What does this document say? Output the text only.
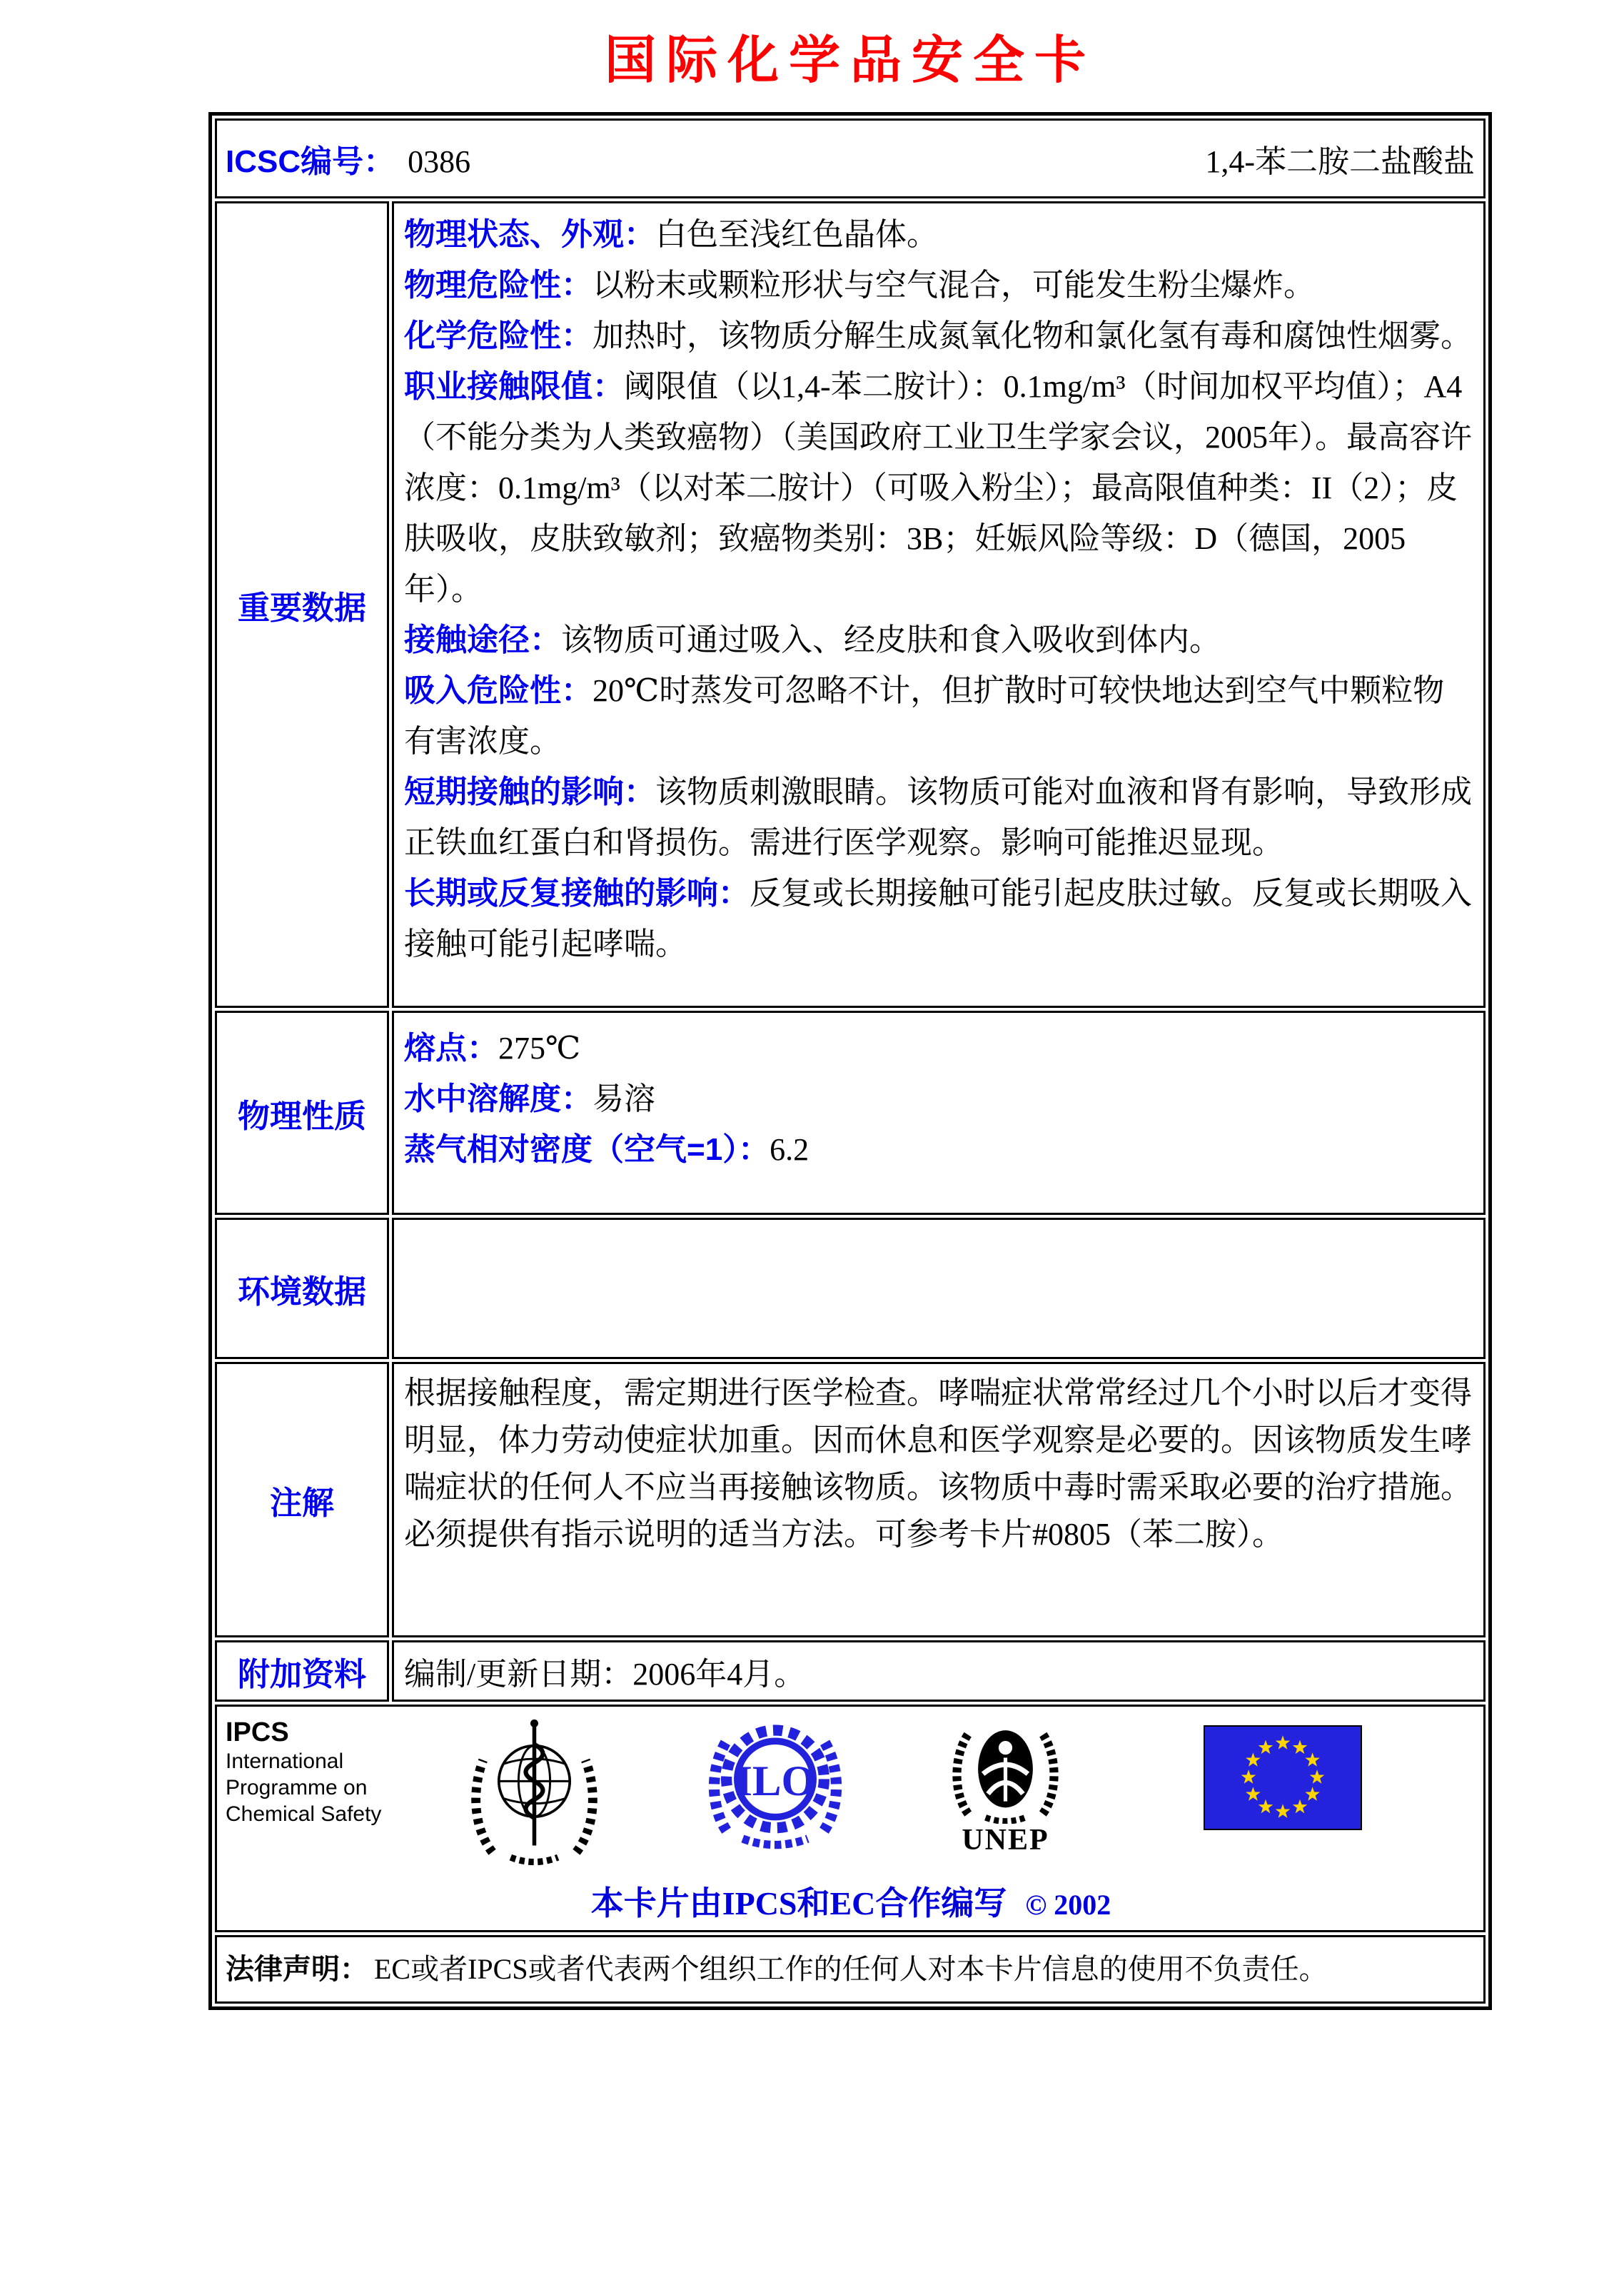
国际化学品安全卡
ICSC编号： 0386	1,4-苯二胺二盐酸盐
重要数据

物理状态、外观：白色至浅红色晶体。

物理危险性：以粉末或颗粒形状与空气混合，可能发生粉尘爆炸。

化学危险性：加热时，该物质分解生成氮氧化物和氯化氢有毒和腐蚀性烟雾。

职业接触限值：阈限值（以1,4-苯二胺计）：0.1mg/m³（时间加权平均值）；A4（不能分类为人类致癌物）（美国政府工业卫生学家会议，2005年）。最高容许浓度：0.1mg/m³（以对苯二胺计）（可吸入粉尘）；最高限值种类：II（2）；皮肤吸收，皮肤致敏剂；致癌物类别：3B；妊娠风险等级：D（德国，2005年）。

接触途径：该物质可通过吸入、经皮肤和食入吸收到体内。

吸入危险性：20℃时蒸发可忽略不计，但扩散时可较快地达到空气中颗粒物有害浓度。

短期接触的影响：该物质刺激眼睛。该物质可能对血液和肾有影响，导致形成正铁血红蛋白和肾损伤。需进行医学观察。影响可能推迟显现。

长期或反复接触的影响：反复或长期接触可能引起皮肤过敏。反复或长期吸入接触可能引起哮喘。

物理性质

熔点：275℃

水中溶解度：易溶

蒸气相对密度（空气=1）：6.2

环境数据
注解

根据接触程度，需定期进行医学检查。哮喘症状常常经过几个小时以后才变得明显，体力劳动使症状加重。因而休息和医学观察是必要的。因该物质发生哮喘症状的任何人不应当再接触该物质。该物质中毒时需采取必要的治疗措施。必须提供有指示说明的适当方法。可参考卡片#0805（苯二胺）。

附加资料 编制/更新日期：2006年4月。

IPCS
International
Programme on
Chemical Safety
ILO
UNEP
本卡片由IPCS和EC合作编写 © 2002
法律声明： EC或者IPCS或者代表两个组织工作的任何人对本卡片信息的使用不负责任。
